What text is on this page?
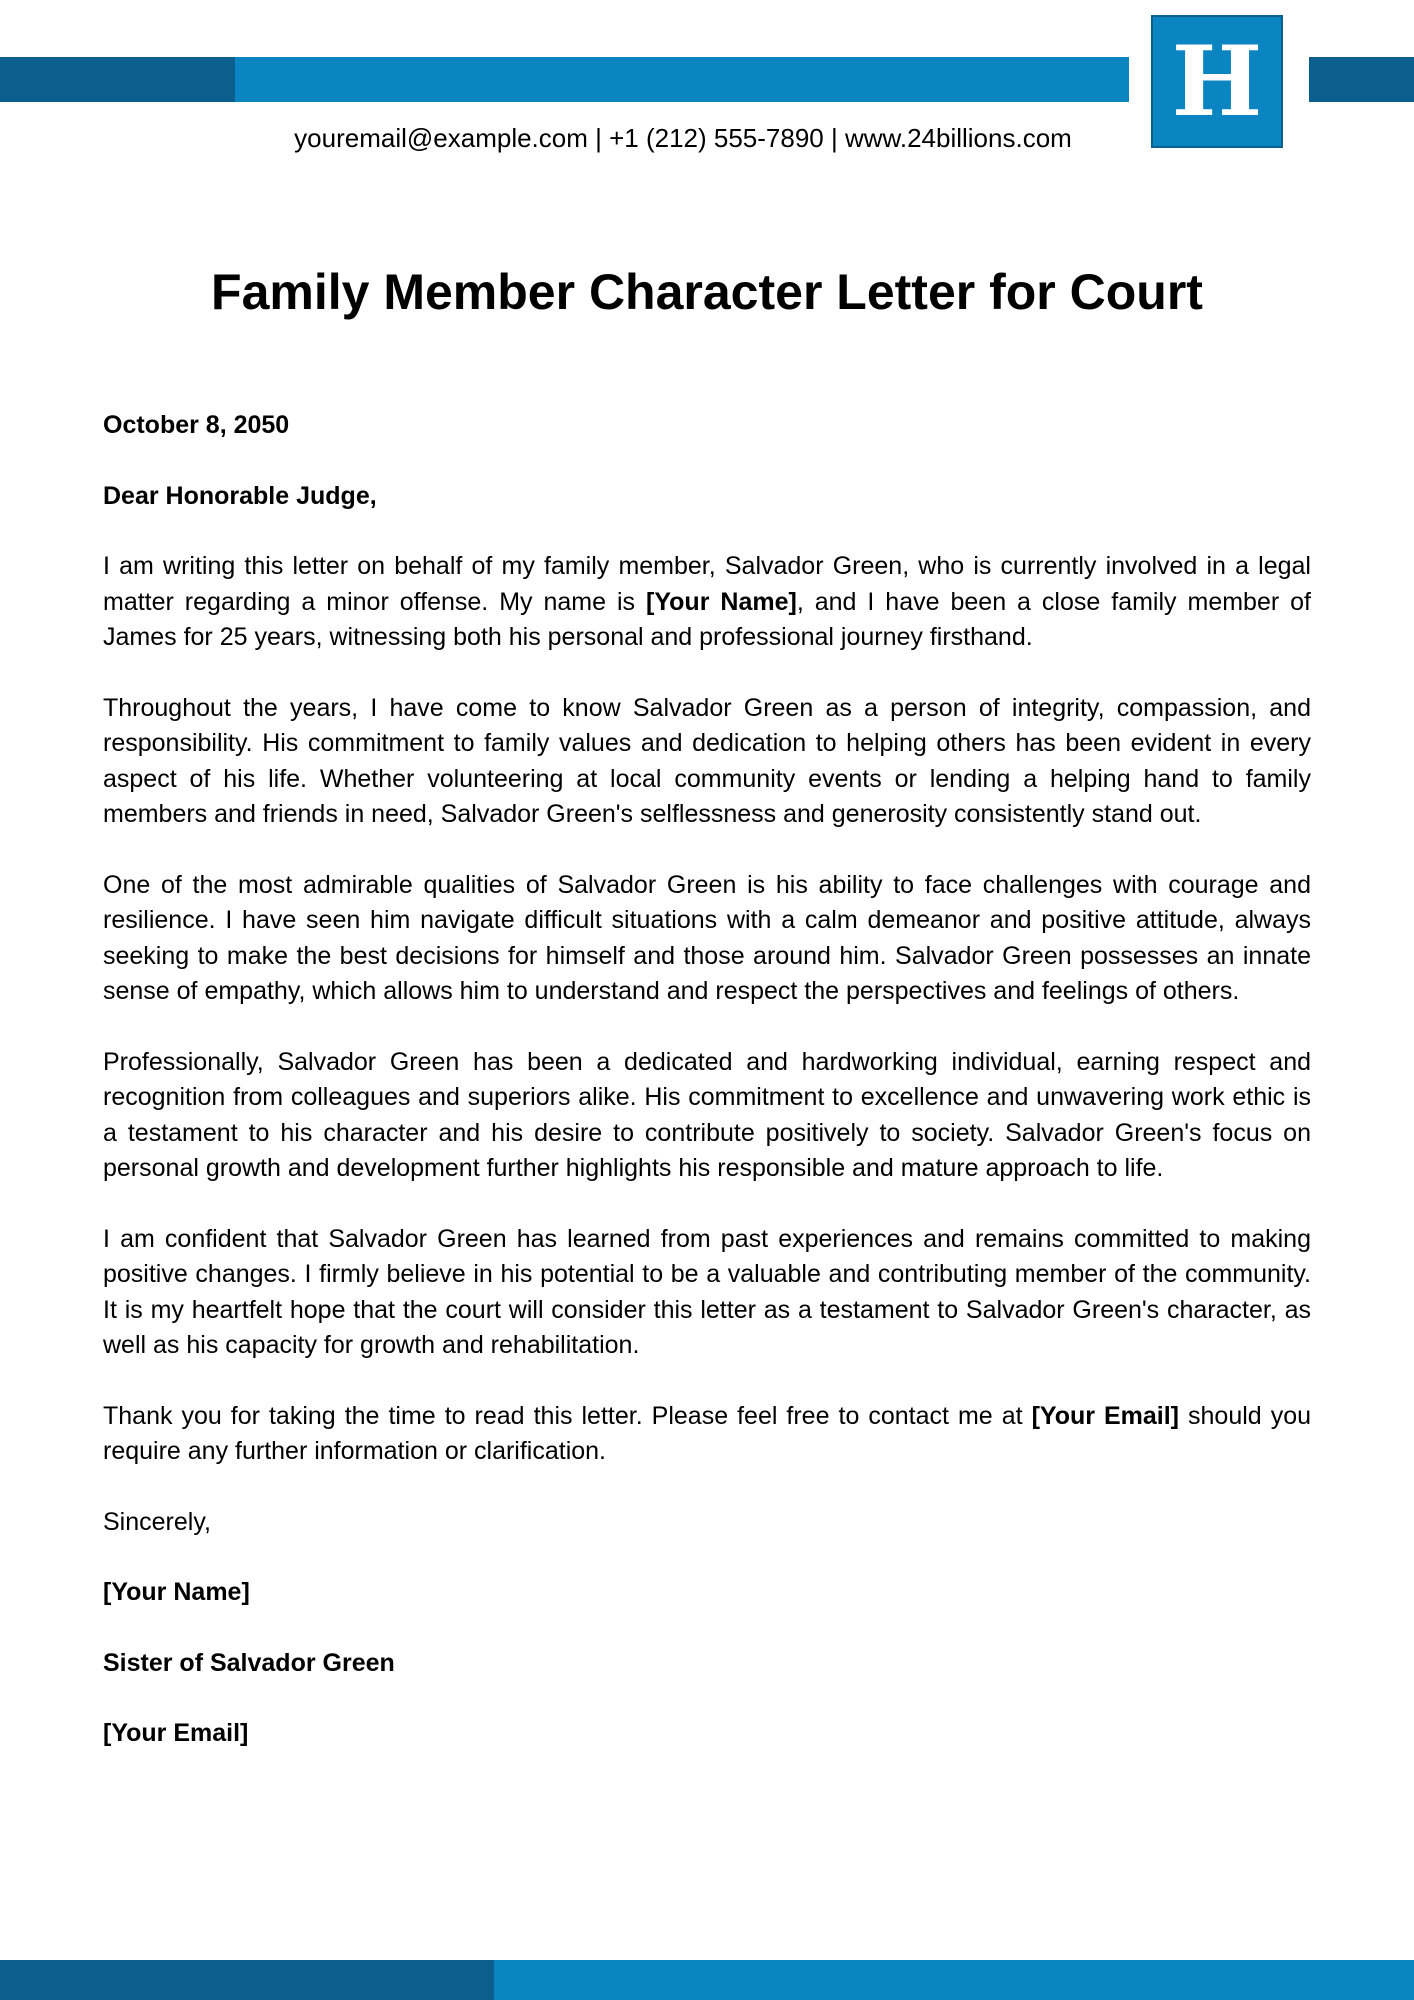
H
youremail@example.com | +1 (212) 555-7890 | www.24billions.com
Family Member Character Letter for Court

October 8, 2050

Dear Honorable Judge,

I am writing this letter on behalf of my family member, Salvador Green, who is currently involved in a legal matter regarding a minor offense. My name is [Your Name], and I have been a close family member of James for 25 years, witnessing both his personal and professional journey firsthand.

Throughout the years, I have come to know Salvador Green as a person of integrity, compassion, and responsibility. His commitment to family values and dedication to helping others has been evident in every aspect of his life. Whether volunteering at local community events or lending a helping hand to family members and friends in need, Salvador Green's selflessness and generosity consistently stand out.

One of the most admirable qualities of Salvador Green is his ability to face challenges with courage and resilience. I have seen him navigate difficult situations with a calm demeanor and positive attitude, always seeking to make the best decisions for himself and those around him. Salvador Green possesses an innate sense of empathy, which allows him to understand and respect the perspectives and feelings of others.

Professionally, Salvador Green has been a dedicated and hardworking individual, earning respect and recognition from colleagues and superiors alike. His commitment to excellence and unwavering work ethic is a testament to his character and his desire to contribute positively to society. Salvador Green's focus on personal growth and development further highlights his responsible and mature approach to life.

I am confident that Salvador Green has learned from past experiences and remains committed to making positive changes. I firmly believe in his potential to be a valuable and contributing member of the community. It is my heartfelt hope that the court will consider this letter as a testament to Salvador Green's character, as well as his capacity for growth and rehabilitation.

Thank you for taking the time to read this letter. Please feel free to contact me at [Your Email] should you require any further information or clarification.

Sincerely,

[Your Name]

Sister of Salvador Green

[Your Email]
